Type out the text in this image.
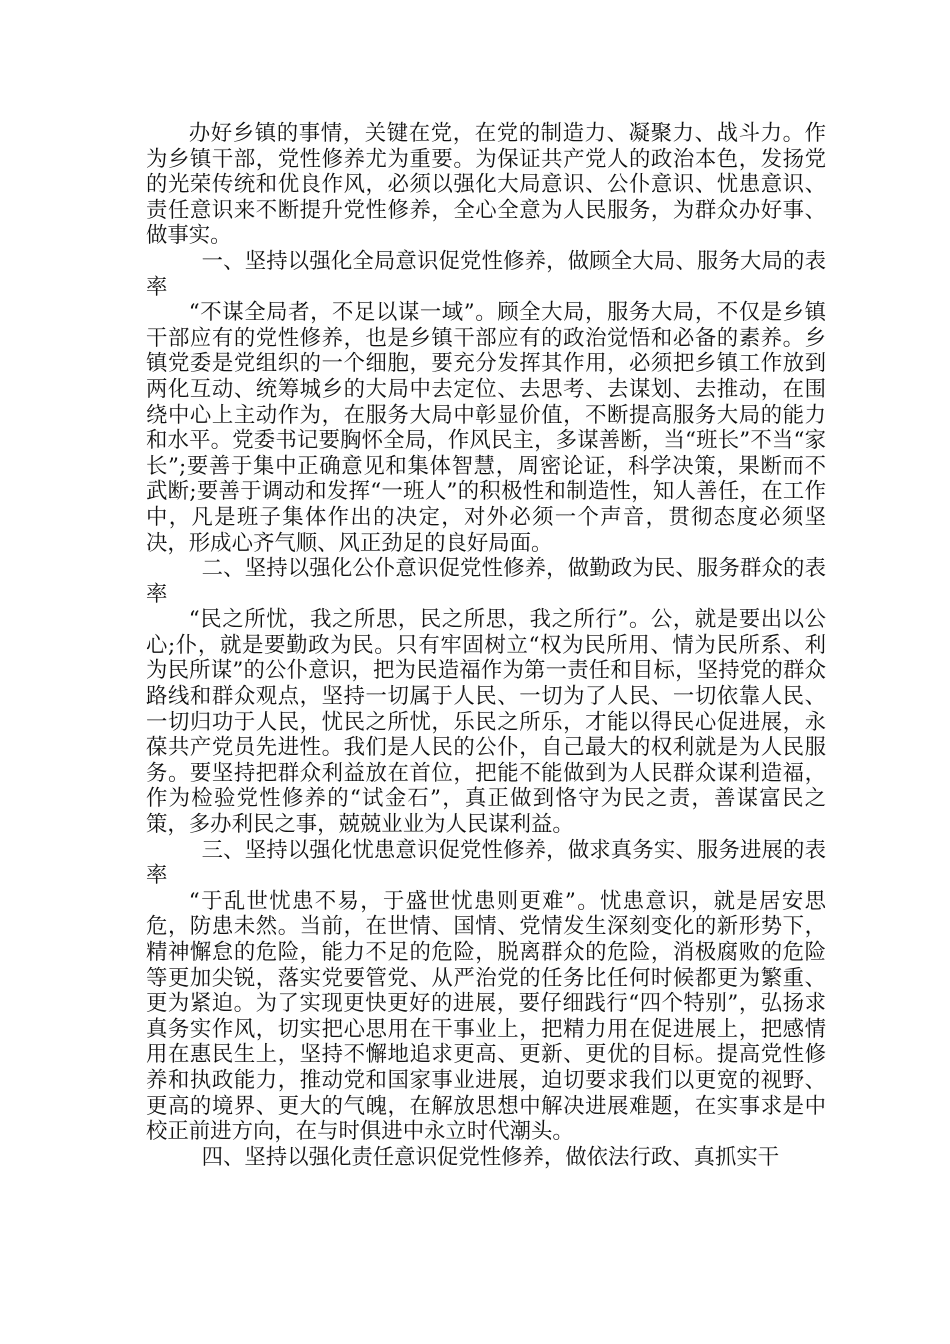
办好乡镇的事情，关键在党，在党的制造力、凝聚力、战斗力。作为乡镇干部，党性修养尤为重要。为保证共产党人的政治本色，发扬党的光荣传统和优良作风，必须以强化大局意识、公仆意识、忧患意识、责任意识来不断提升党性修养，全心全意为人民服务，为群众办好事、做事实。

一、坚持以强化全局意识促党性修养，做顾全大局、服务大局的表率

“不谋全局者，不足以谋一域”。顾全大局，服务大局，不仅是乡镇干部应有的党性修养，也是乡镇干部应有的政治觉悟和必备的素养。乡镇党委是党组织的一个细胞，要充分发挥其作用，必须把乡镇工作放到两化互动、统筹城乡的大局中去定位、去思考、去谋划、去推动，在围绕中心上主动作为，在服务大局中彰显价值，不断提高服务大局的能力和水平。党委书记要胸怀全局，作风民主，多谋善断，当“班长”不当“家长”;要善于集中正确意见和集体智慧，周密论证，科学决策，果断而不武断;要善于调动和发挥“一班人”的积极性和制造性，知人善任，在工作中，凡是班子集体作出的决定，对外必须一个声音，贯彻态度必须坚决，形成心齐气顺、风正劲足的良好局面。

二、坚持以强化公仆意识促党性修养，做勤政为民、服务群众的表率

“民之所忧，我之所思，民之所思，我之所行”。公，就是要出以公心;仆，就是要勤政为民。只有牢固树立“权为民所用、情为民所系、利为民所谋”的公仆意识，把为民造福作为第一责任和目标，坚持党的群众路线和群众观点，坚持一切属于人民、一切为了人民、一切依靠人民、一切归功于人民，忧民之所忧，乐民之所乐，才能以得民心促进展，永葆共产党员先进性。我们是人民的公仆，自己最大的权利就是为人民服务。要坚持把群众利益放在首位，把能不能做到为人民群众谋利造福，作为检验党性修养的“试金石”，真正做到恪守为民之责，善谋富民之策，多办利民之事，兢兢业业为人民谋利益。

三、坚持以强化忧患意识促党性修养，做求真务实、服务进展的表率

“于乱世忧患不易，于盛世忧患则更难”。忧患意识，就是居安思危，防患未然。当前，在世情、国情、党情发生深刻变化的新形势下，精神懈怠的危险，能力不足的危险，脱离群众的危险，消极腐败的危险等更加尖锐，落实党要管党、从严治党的任务比任何时候都更为繁重、更为紧迫。为了实现更快更好的进展，要仔细践行“四个特别”，弘扬求真务实作风，切实把心思用在干事业上，把精力用在促进展上，把感情用在惠民生上，坚持不懈地追求更高、更新、更优的目标。提高党性修养和执政能力，推动党和国家事业进展，迫切要求我们以更宽的视野、更高的境界、更大的气魄，在解放思想中解决进展难题，在实事求是中校正前进方向，在与时俱进中永立时代潮头。

四、坚持以强化责任意识促党性修养，做依法行政、真抓实干
